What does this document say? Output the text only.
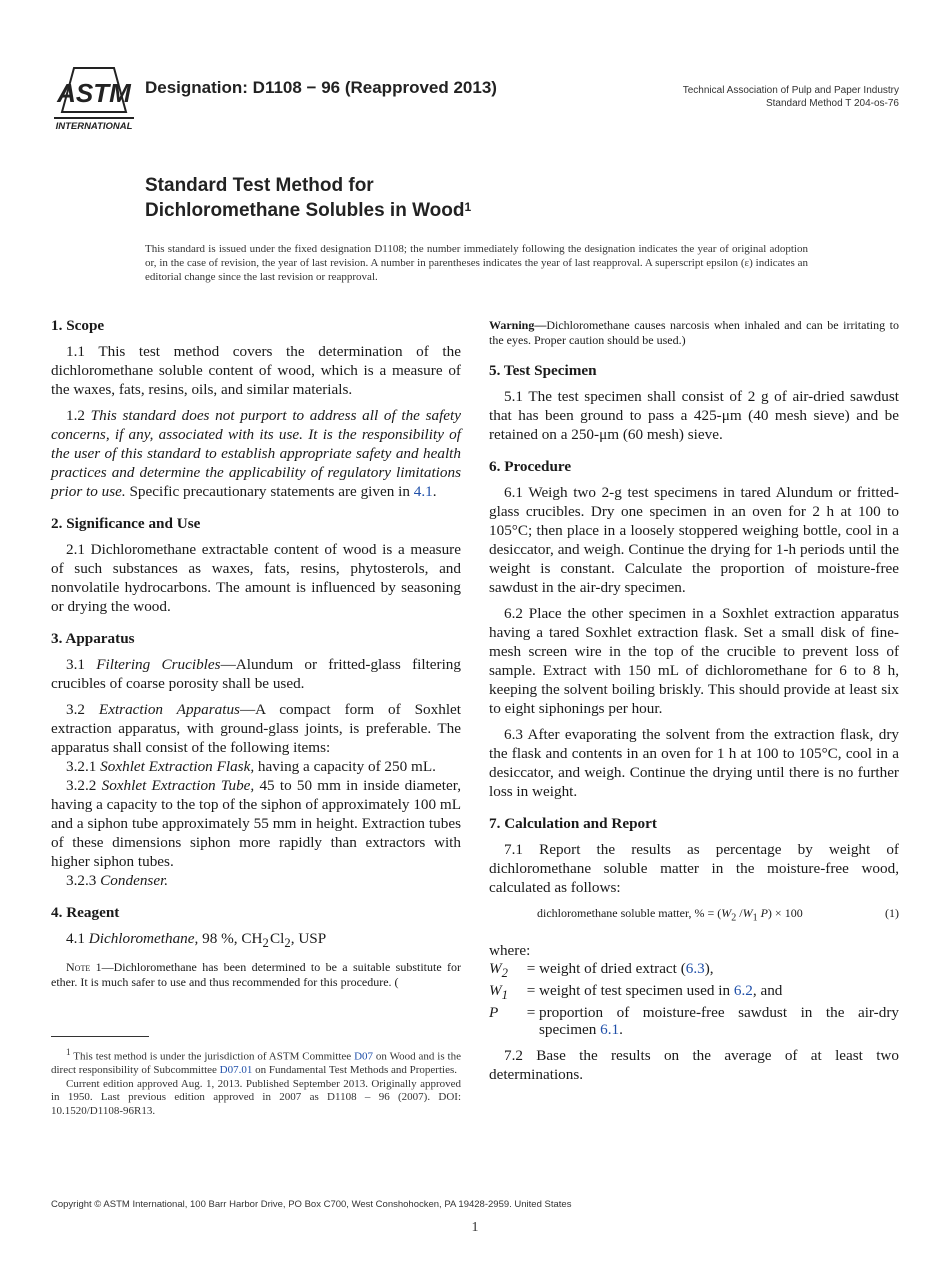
ASTM
INTERNATIONAL
Designation: D1108 − 96 (Reapproved 2013)	Technical Association of Pulp and Paper Industry
Standard Method T 204-os-76
Standard Test Method for
Dichloromethane Solubles in Wood$^1$
This standard is issued under the fixed designation D1108; the number immediately following the designation indicates the year of original adoption or, in the case of revision, the year of last revision. A number in parentheses indicates the year of last reapproval. A superscript epsilon (ε) indicates an editorial change since the last revision or reapproval.
1. Scope

1.1 This test method covers the determination of the dichloromethane soluble content of wood, which is a measure of the waxes, fats, resins, oils, and similar materials.

1.2 This standard does not purport to address all of the safety concerns, if any, associated with its use. It is the responsibility of the user of this standard to establish appropriate safety and health practices and determine the applicability of regulatory limitations prior to use. Specific precautionary statements are given in 4.1.

2. Significance and Use

2.1 Dichloromethane extractable content of wood is a measure of such substances as waxes, fats, resins, phytosterols, and nonvolatile hydrocarbons. The amount is influenced by seasoning or drying the wood.

3. Apparatus

3.1 Filtering Crucibles—Alundum or fritted-glass filtering crucibles of coarse porosity shall be used.

3.2 Extraction Apparatus—A compact form of Soxhlet extraction apparatus, with ground-glass joints, is preferable. The apparatus shall consist of the following items:

3.2.1 Soxhlet Extraction Flask, having a capacity of 250 mL.

3.2.2 Soxhlet Extraction Tube, 45 to 50 mm in inside diameter, having a capacity to the top of the siphon of approximately 100 mL and a siphon tube approximately 55 mm in height. Extraction tubes of these dimensions siphon more rapidly than extractors with higher siphon tubes.

3.2.3 Condenser.

4. Reagent

4.1 Dichloromethane, 98 %, $CH_2$ $Cl_2$, USP

Note 1—Dichloromethane has been determined to be a suitable substitute for ether. It is much safer to use and thus recommended for this procedure. (

$^1$ This test method is under the jurisdiction of ASTM Committee D07 on Wood and is the direct responsibility of Subcommittee D07.01 on Fundamental Test Methods and Properties.

Current edition approved Aug. 1, 2013. Published September 2013. Originally approved in 1950. Last previous edition approved in 2007 as D1108 – 96 (2007). DOI: 10.1520/D1108-96R13.

Warning—Dichloromethane causes narcosis when inhaled and can be irritating to the eyes. Proper caution should be used.)

5. Test Specimen

5.1 The test specimen shall consist of 2 g of air-dried sawdust that has been ground to pass a 425-μm (40 mesh sieve) and be retained on a 250-μm (60 mesh) sieve.

6. Procedure

6.1 Weigh two 2-g test specimens in tared Alundum or fritted-glass crucibles. Dry one specimen in an oven for 2 h at 100 to 105°C; then place in a loosely stoppered weighing bottle, cool in a desiccator, and weigh. Continue the drying for 1-h periods until the weight is constant. Calculate the proportion of moisture-free sawdust in the air-dry specimen.

6.2 Place the other specimen in a Soxhlet extraction apparatus having a tared Soxhlet extraction flask. Set a small disk of fine-mesh screen wire in the top of the crucible to prevent loss of sample. Extract with 150 mL of dichloromethane for 6 to 8 h, keeping the solvent boiling briskly. This should provide at least six to eight siphonings per hour.

6.3 After evaporating the solvent from the extraction flask, dry the flask and contents in an oven for 1 h at 100 to 105°C, cool in a desiccator, and weigh. Continue the drying until there is no further loss in weight.

7. Calculation and Report

7.1 Report the results as percentage by weight of dichloromethane soluble matter in the moisture-free wood, calculated as follows:

dichloromethane soluble matter, % = ($W_2$ $/W_1$ P) × 100	(1)

where:

$W_2$	= weight of dried extract (6.3),
$W_1$	= weight of test specimen used in 6.2, and
P	= proportion of moisture-free sawdust in the air-dry specimen 6.1.

7.2 Base the results on the average of at least two determinations.

Copyright © ASTM International, 100 Barr Harbor Drive, PO Box C700, West Conshohocken, PA 19428-2959. United States
1
